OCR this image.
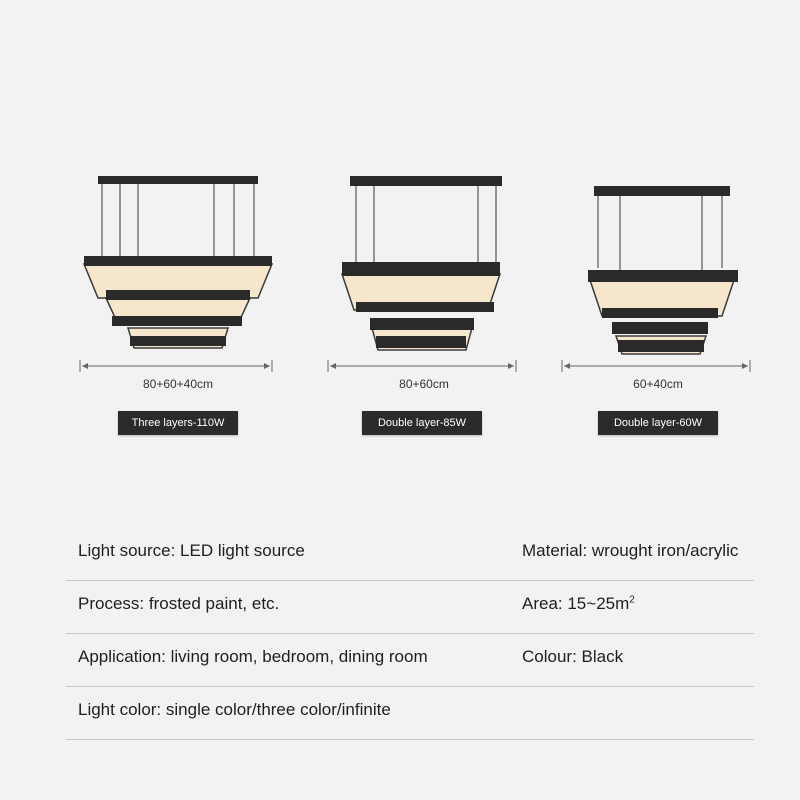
80+60+40cm
Three layers-110W
80+60cm
Double layer-85W
60+40cm
Double layer-60W
Light source: LED light source	Material: wrought iron/acrylic
Process: frosted paint, etc.	Area: $15\sim 25m^2$
Application: living room, bedroom, dining room	Colour: Black
Light color: single color/three color/infinite
